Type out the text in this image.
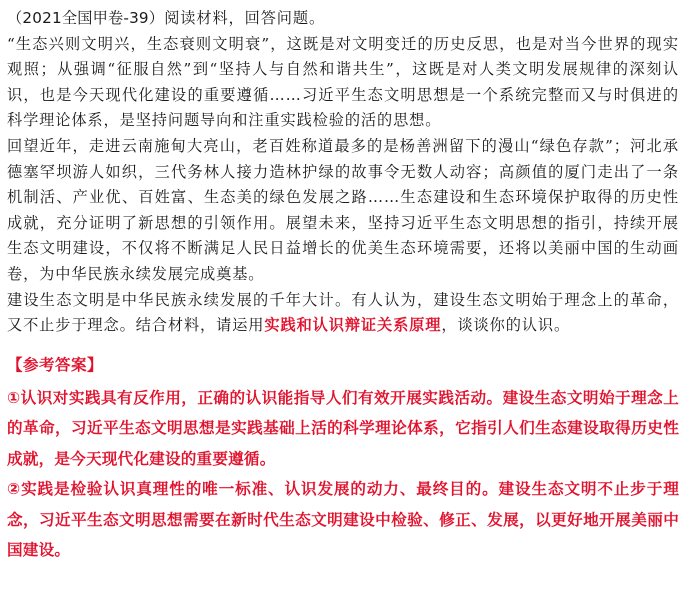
（2021全国甲卷-39）阅读材料，回答问题。

“生态兴则文明兴，生态衰则文明衰”，这既是对文明变迁的历史反思，也是对当今世界的现实观照；从强调“征服自然”到“坚持人与自然和谐共生”，这既是对人类文明发展规律的深刻认识，也是今天现代化建设的重要遵循……习近平生态文明思想是一个系统完整而又与时俱进的科学理论体系，是坚持问题导向和注重实践检验的活的思想。

回望近年，走进云南施甸大亮山，老百姓称道最多的是杨善洲留下的漫山“绿色存款”；河北承德塞罕坝游人如织，三代务林人接力造林护绿的故事令无数人动容；高颜值的厦门走出了一条机制活、产业优、百姓富、生态美的绿色发展之路……生态建设和生态环境保护取得的历史性成就，充分证明了新思想的引领作用。展望未来，坚持习近平生态文明思想的指引，持续开展生态文明建设，不仅将不断满足人民日益增长的优美生态环境需要，还将以美丽中国的生动画卷，为中华民族永续发展完成奠基。

建设生态文明是中华民族永续发展的千年大计。有人认为，建设生态文明始于理念上的革命，又不止步于理念。结合材料，请运用实践和认识辩证关系原理，谈谈你的认识。

【参考答案】

①认识对实践具有反作用，正确的认识能指导人们有效开展实践活动。建设生态文明始于理念上的革命，习近平生态文明思想是实践基础上活的科学理论体系，它指引人们生态建设取得历史性成就，是今天现代化建设的重要遵循。

②实践是检验认识真理性的唯一标准、认识发展的动力、最终目的。建设生态文明不止步于理念，习近平生态文明思想需要在新时代生态文明建设中检验、修正、发展，以更好地开展美丽中国建设。
